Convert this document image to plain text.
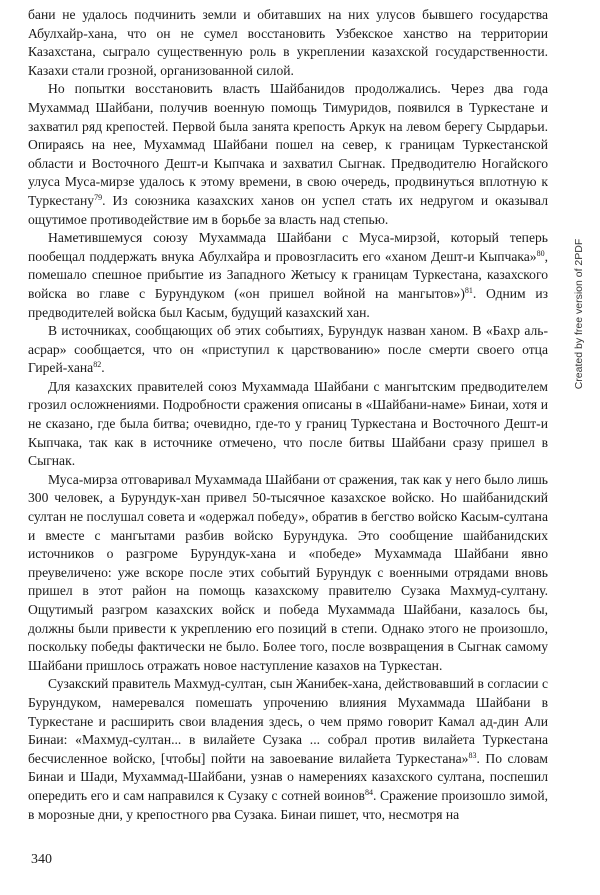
бани не удалось подчинить земли и обитавших на них улусов бывшего государства Абулхайр-хана, что он не сумел восстановить Узбекское ханство на территории Казахстана, сыграло существенную роль в укреплении казахской государственности. Казахи стали грозной, организованной силой.

Но попытки восстановить власть Шайбанидов продолжались. Через два года Мухаммад Шайбани, получив военную помощь Тимуридов, появился в Туркестане и захватил ряд крепостей. Первой была занята крепость Аркук на левом берегу Сырдарьи. Опираясь на нее, Мухаммад Шайбани пошел на север, к границам Туркестанской области и Восточного Дешт-и Кыпчака и захватил Сыгнак. Предводителю Ногайского улуса Муса-мирзе удалось к этому времени, в свою очередь, продвинуться вплотную к Туркестану$^{79}$. Из союзника казахских ханов он успел стать их недругом и оказывал ощутимое противодействие им в борьбе за власть над степью.

Наметившемуся союзу Мухаммада Шайбани с Муса-мирзой, который теперь пообещал поддержать внука Абулхайра и провозгласить его «ханом Дешт-и Кыпчака»$^{80}$, помешало спешное прибытие из Западного Жетысу к границам Туркестана, казахского войска во главе с Бурундуком («он пришел войной на мангытов»)$^{81}$. Одним из предводителей войска был Касым, будущий казахский хан.

В источниках, сообщающих об этих событиях, Бурундук назван ханом. В «Бахр аль-асрар» сообщается, что он «приступил к царствованию» после смерти своего отца Гирей-хана$^{82}$.

Для казахских правителей союз Мухаммада Шайбани с мангытским предводителем грозил осложнениями. Подробности сражения описаны в «Шайбани-наме» Бинаи, хотя и не сказано, где была битва; очевидно, где-то у границ Туркестана и Восточного Дешт-и Кыпчака, так как в источнике отмечено, что после битвы Шайбани сразу пришел в Сыгнак.

Муса-мирза отговаривал Мухаммада Шайбани от сражения, так как у него было лишь 300 человек, а Бурундук-хан привел 50-тысячное казахское войско. Но шайбанидский султан не послушал совета и «одержал победу», обратив в бегство войско Касым-султана и вместе с мангытами разбив войско Бурундука. Это сообщение шайбанидских источников о разгроме Бурундук-хана и «победе» Мухаммада Шайбани явно преувеличено: уже вскоре после этих событий Бурундук с военными отрядами вновь пришел в этот район на помощь казахскому правителю Сузака Махмуд-султану. Ощутимый разгром казахских войск и победа Мухаммада Шайбани, казалось бы, должны были привести к укреплению его позиций в степи. Однако этого не произошло, поскольку победы фактически не было. Более того, после возвращения в Сыгнак самому Шайбани пришлось отражать новое наступление казахов на Туркестан.

Сузакский правитель Махмуд-султан, сын Жанибек-хана, действовавший в согласии с Бурундуком, намеревался помешать упрочению влияния Мухаммада Шайбани в Туркестане и расширить свои владения здесь, о чем прямо говорит Камал ад-дин Али Бинаи: «Махмуд-султан... в вилайете Сузака ... собрал против вилайета Туркестана бесчисленное войско, [чтобы] пойти на завоевание вилайета Туркестана»$^{83}$. По словам Бинаи и Шади, Мухаммад-Шайбани, узнав о намерениях казахского султана, поспешил опередить его и сам направился к Сузаку с сотней воинов$^{84}$. Сражение произошло зимой, в морозные дни, у крепостного рва Сузака. Бинаи пишет, что, несмотря на

Created by free version of 2PDF
340
